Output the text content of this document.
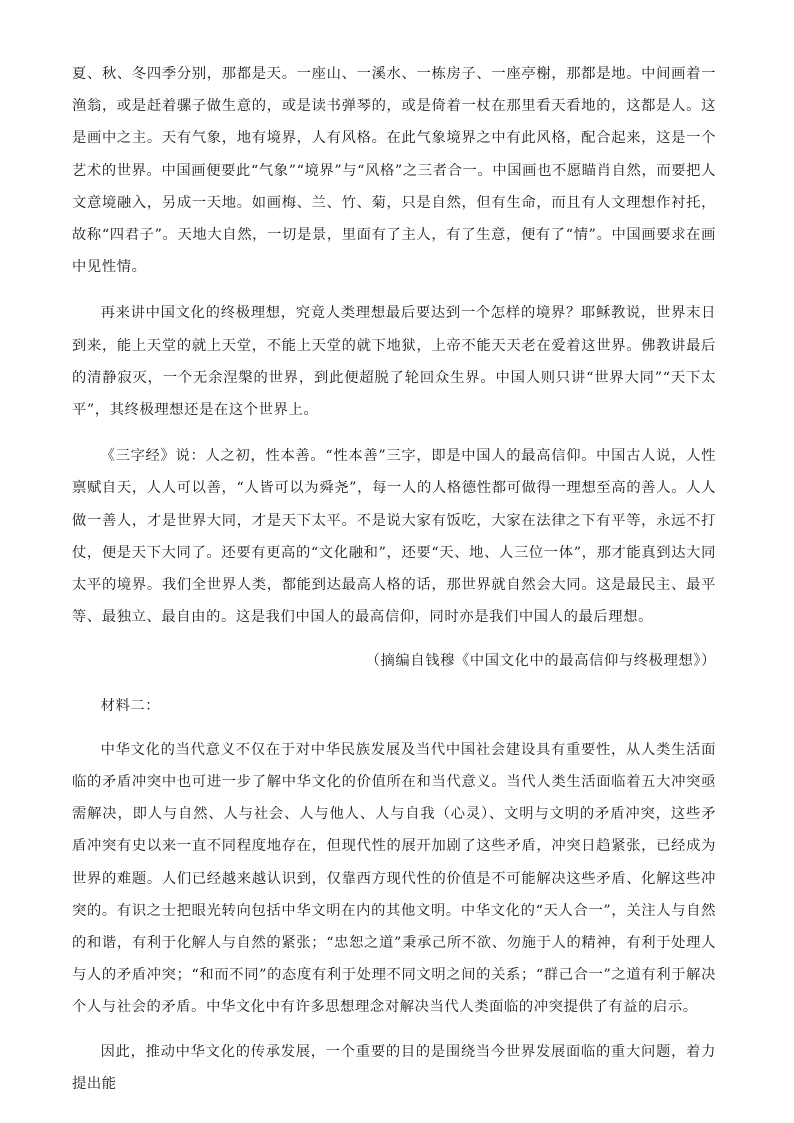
夏、秋、冬四季分别，那都是天。一座山、一溪水、一栋房子、一座亭榭，那都是地。中间画着一渔翁，或是赶着骡子做生意的，或是读书弹琴的，或是倚着一杖在那里看天看地的，这都是人。这是画中之主。天有气象，地有境界，人有风格。在此气象境界之中有此风格，配合起来，这是一个艺术的世界。中国画便要此“气象”“境界”与“风格”之三者合一。中国画也不愿瞄肖自然，而要把人文意境融入，另成一天地。如画梅、兰、竹、菊，只是自然，但有生命，而且有人文理想作衬托，故称“四君子”。天地大自然，一切是景，里面有了主人，有了生意，便有了“情”。中国画要求在画中见性情。

再来讲中国文化的终极理想，究竟人类理想最后要达到一个怎样的境界？耶稣教说，世界末日到来，能上天堂的就上天堂，不能上天堂的就下地狱，上帝不能天天老在爱着这世界。佛教讲最后的清静寂灭，一个无余涅槃的世界，到此便超脱了轮回众生界。中国人则只讲“世界大同”“天下太平”，其终极理想还是在这个世界上。

《三字经》说：人之初，性本善。“性本善”三字，即是中国人的最高信仰。中国古人说，人性禀赋自天，人人可以善，“人皆可以为舜尧”，每一人的人格德性都可做得一理想至高的善人。人人做一善人，才是世界大同，才是天下太平。不是说大家有饭吃，大家在法律之下有平等，永远不打仗，便是天下大同了。还要有更高的“文化融和”，还要“天、地、人三位一体”，那才能真到达大同太平的境界。我们全世界人类，都能到达最高人格的话，那世界就自然会大同。这是最民主、最平等、最独立、最自由的。这是我们中国人的最高信仰，同时亦是我们中国人的最后理想。

（摘编自钱穆《中国文化中的最高信仰与终极理想》）

材料二：

中华文化的当代意义不仅在于对中华民族发展及当代中国社会建设具有重要性，从人类生活面临的矛盾冲突中也可进一步了解中华文化的价值所在和当代意义。当代人类生活面临着五大冲突亟需解决，即人与自然、人与社会、人与他人、人与自我（心灵）、文明与文明的矛盾冲突，这些矛盾冲突有史以来一直不同程度地存在，但现代性的展开加剧了这些矛盾，冲突日趋紧张，已经成为世界的难题。人们已经越来越认识到，仅靠西方现代性的价值是不可能解决这些矛盾、化解这些冲突的。有识之士把眼光转向包括中华文明在内的其他文明。中华文化的“天人合一”，关注人与自然的和谐，有利于化解人与自然的紧张；“忠恕之道”秉承己所不欲、勿施于人的精神，有利于处理人与人的矛盾冲突；“和而不同”的态度有利于处理不同文明之间的关系；“群己合一”之道有利于解决个人与社会的矛盾。中华文化中有许多思想理念对解决当代人类面临的冲突提供了有益的启示。

因此，推动中华文化的传承发展，一个重要的目的是围绕当今世界发展面临的重大问题，着力提出能
